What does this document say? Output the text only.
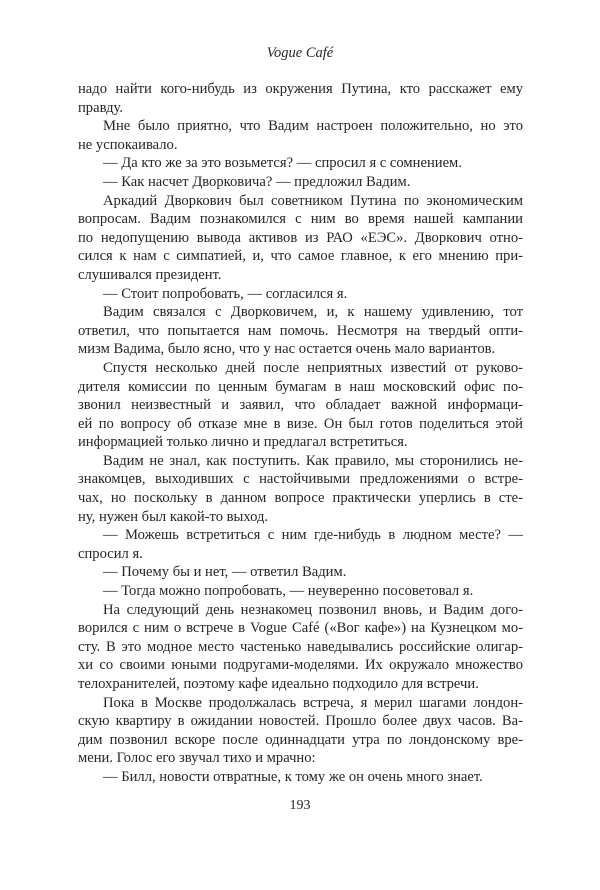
Vogue Café
надо найти кого-нибудь из окружения Путина, кто расскажет ему
правду.
Мне было приятно, что Вадим настроен положительно, но это
не успокаивало.
— Да кто же за это возьмется? — спросил я с сомнением.
— Как насчет Дворковича? — предложил Вадим.
Аркадий Дворкович был советником Путина по экономическим
вопросам. Вадим познакомился с ним во время нашей кампании
по недопущению вывода активов из РАО «ЕЭС». Дворкович отно-
сился к нам с симпатией, и, что самое главное, к его мнению при-
слушивался президент.
— Стоит попробовать, — согласился я.
Вадим связался с Дворковичем, и, к нашему удивлению, тот
ответил, что попытается нам помочь. Несмотря на твердый опти-
мизм Вадима, было ясно, что у нас остается очень мало вариантов.
Спустя несколько дней после неприятных известий от руково-
дителя комиссии по ценным бумагам в наш московский офис по-
звонил неизвестный и заявил, что обладает важной информаци-
ей по вопросу об отказе мне в визе. Он был готов поделиться этой
информацией только лично и предлагал встретиться.
Вадим не знал, как поступить. Как правило, мы сторонились не-
знакомцев, выходивших с настойчивыми предложениями о встре-
чах, но поскольку в данном вопросе практически уперлись в сте-
ну, нужен был какой-то выход.
— Можешь встретиться с ним где-нибудь в людном месте? —
спросил я.
— Почему бы и нет, — ответил Вадим.
— Тогда можно попробовать, — неуверенно посоветовал я.
На следующий день незнакомец позвонил вновь, и Вадим дого-
ворился с ним о встрече в Vogue Café («Вог кафе») на Кузнецком мо-
сту. В это модное место частенько наведывались российские олигар-
хи со своими юными подругами-моделями. Их окружало множество
телохранителей, поэтому кафе идеально подходило для встречи.
Пока в Москве продолжалась встреча, я мерил шагами лондон-
скую квартиру в ожидании новостей. Прошло более двух часов. Ва-
дим позвонил вскоре после одиннадцати утра по лондонскому вре-
мени. Голос его звучал тихо и мрачно:
— Билл, новости отвратные, к тому же он очень много знает.
193
